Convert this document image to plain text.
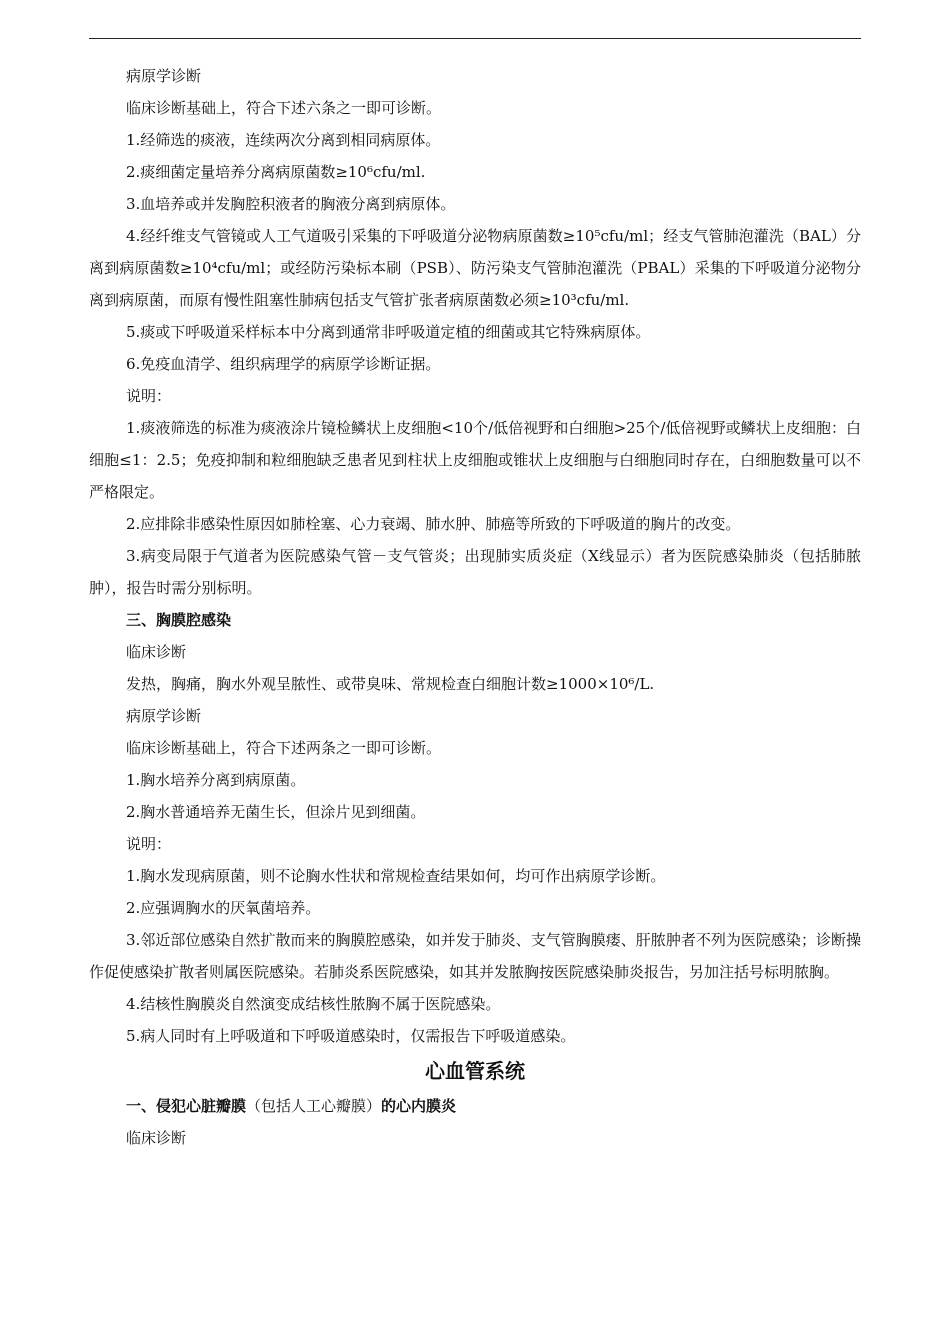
病原学诊断

临床诊断基础上，符合下述六条之一即可诊断。

1.经筛选的痰液，连续两次分离到相同病原体。

2.痰细菌定量培养分离病原菌数≥10⁶cfu/ml.

3.血培养或并发胸腔积液者的胸液分离到病原体。

4.经纤维支气管镜或人工气道吸引采集的下呼吸道分泌物病原菌数≥10⁵cfu/ml；经支气管肺泡灌洗（BAL）分离到病原菌数≥10⁴cfu/ml；或经防污染标本刷（PSB）、防污染支气管肺泡灌洗（PBAL）采集的下呼吸道分泌物分离到病原菌，而原有慢性阻塞性肺病包括支气管扩张者病原菌数必须≥10³cfu/ml.

5.痰或下呼吸道采样标本中分离到通常非呼吸道定植的细菌或其它特殊病原体。

6.免疫血清学、组织病理学的病原学诊断证据。

说明：

1.痰液筛选的标准为痰液涂片镜检鳞状上皮细胞<10个/低倍视野和白细胞>25个/低倍视野或鳞状上皮细胞：白细胞≤1：2.5；免疫抑制和粒细胞缺乏患者见到柱状上皮细胞或锥状上皮细胞与白细胞同时存在，白细胞数量可以不严格限定。

2.应排除非感染性原因如肺栓塞、心力衰竭、肺水肿、肺癌等所致的下呼吸道的胸片的改变。

3.病变局限于气道者为医院感染气管－支气管炎；出现肺实质炎症（X线显示）者为医院感染肺炎（包括肺脓肿），报告时需分别标明。

三、胸膜腔感染

临床诊断

发热，胸痛，胸水外观呈脓性、或带臭味、常规检查白细胞计数≥1000×10⁶/L.

病原学诊断

临床诊断基础上，符合下述两条之一即可诊断。

1.胸水培养分离到病原菌。

2.胸水普通培养无菌生长，但涂片见到细菌。

说明：

1.胸水发现病原菌，则不论胸水性状和常规检查结果如何，均可作出病原学诊断。

2.应强调胸水的厌氧菌培养。

3.邻近部位感染自然扩散而来的胸膜腔感染，如并发于肺炎、支气管胸膜瘘、肝脓肿者不列为医院感染；诊断操作促使感染扩散者则属医院感染。若肺炎系医院感染，如其并发脓胸按医院感染肺炎报告，另加注括号标明脓胸。

4.结核性胸膜炎自然演变成结核性脓胸不属于医院感染。

5.病人同时有上呼吸道和下呼吸道感染时，仅需报告下呼吸道感染。

心血管系统

一、侵犯心脏瓣膜（包括人工心瓣膜）的心内膜炎

临床诊断
